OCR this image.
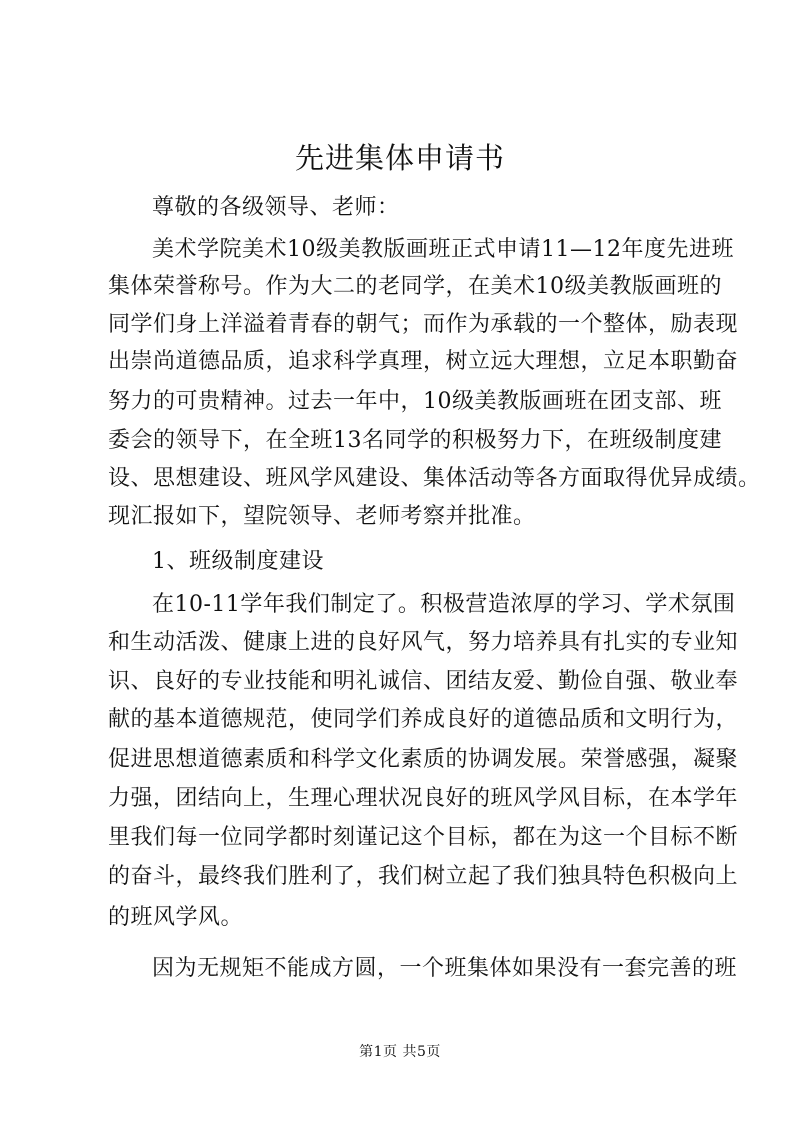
先进集体申请书
尊敬的各级领导、老师：
美术学院美术10级美教版画班正式申请11—12年度先进班
集体荣誉称号。作为大二的老同学，在美术10级美教版画班的
同学们身上洋溢着青春的朝气；而作为承载的一个整体，励表现
出崇尚道德品质，追求科学真理，树立远大理想，立足本职勤奋
努力的可贵精神。过去一年中，10级美教版画班在团支部、班
委会的领导下，在全班13名同学的积极努力下，在班级制度建
设、思想建设、班风学风建设、集体活动等各方面取得优异成绩。
现汇报如下，望院领导、老师考察并批准。
1、班级制度建设
在10-11学年我们制定了。积极营造浓厚的学习、学术氛围
和生动活泼、健康上进的良好风气，努力培养具有扎实的专业知
识、良好的专业技能和明礼诚信、团结友爱、勤俭自强、敬业奉
献的基本道德规范，使同学们养成良好的道德品质和文明行为，
促进思想道德素质和科学文化素质的协调发展。荣誉感强，凝聚
力强，团结向上，生理心理状况良好的班风学风目标，在本学年
里我们每一位同学都时刻谨记这个目标，都在为这一个目标不断
的奋斗，最终我们胜利了，我们树立起了我们独具特色积极向上
的班风学风。
因为无规矩不能成方圆，一个班集体如果没有一套完善的班
第1页 共5页
